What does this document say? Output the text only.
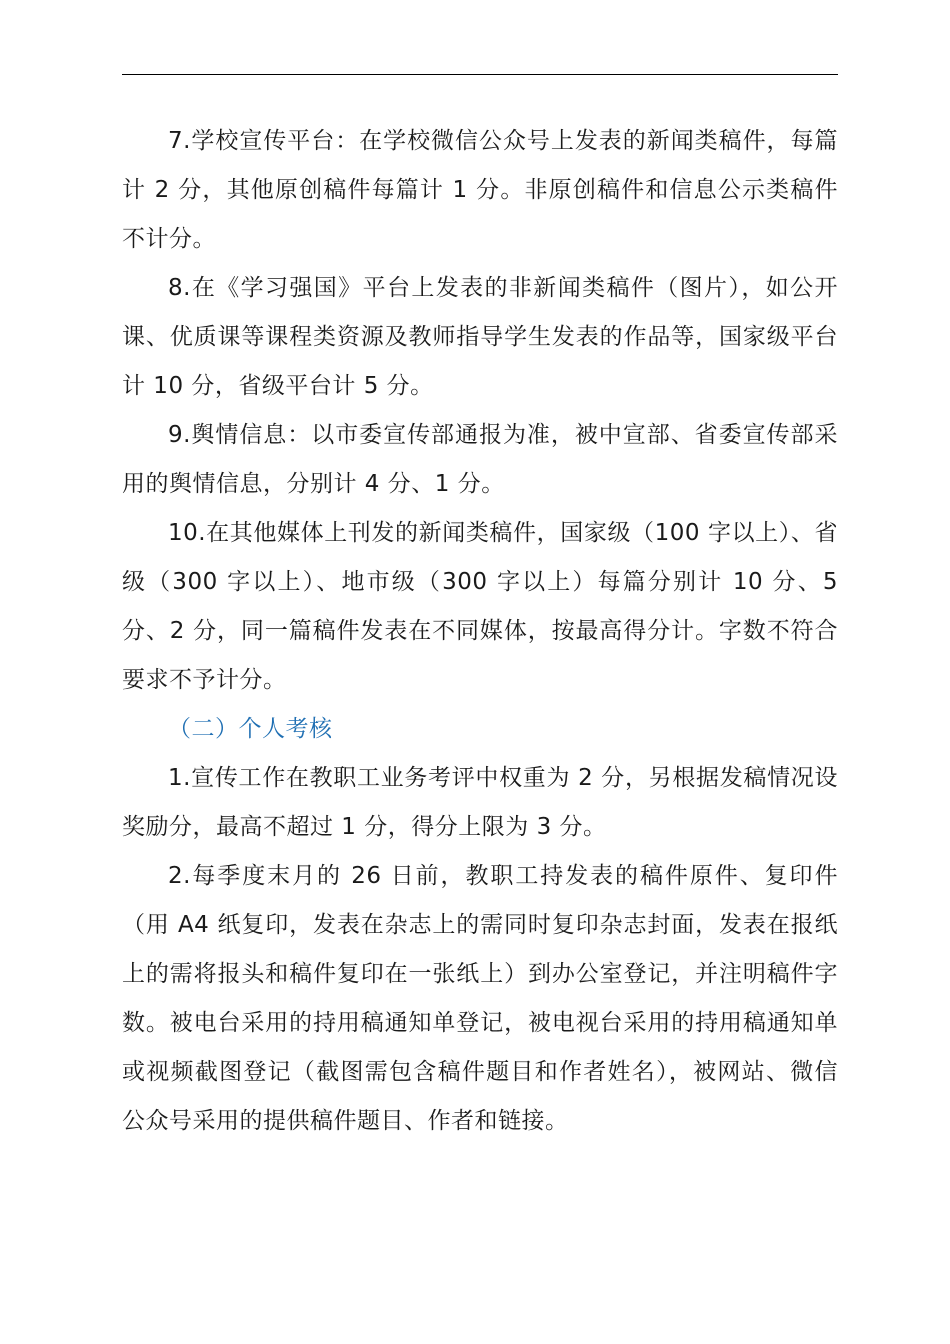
7.学校宣传平台：在学校微信公众号上发表的新闻类稿件，每篇计 2 分，其他原创稿件每篇计 1 分。非原创稿件和信息公示类稿件不计分。

8.在《学习强国》平台上发表的非新闻类稿件（图片），如公开课、优质课等课程类资源及教师指导学生发表的作品等，国家级平台计 10 分，省级平台计 5 分。

9.舆情信息：以市委宣传部通报为准，被中宣部、省委宣传部采用的舆情信息，分别计 4 分、1 分。

10.在其他媒体上刊发的新闻类稿件，国家级（100 字以上）、省级（300 字以上）、地市级（300 字以上）每篇分别计 10 分、5 分、2 分，同一篇稿件发表在不同媒体，按最高得分计。字数不符合要求不予计分。

（二）个人考核

1.宣传工作在教职工业务考评中权重为 2 分，另根据发稿情况设奖励分，最高不超过 1 分，得分上限为 3 分。

2.每季度末月的 26 日前，教职工持发表的稿件原件、复印件（用 A4 纸复印，发表在杂志上的需同时复印杂志封面，发表在报纸上的需将报头和稿件复印在一张纸上）到办公室登记，并注明稿件字数。被电台采用的持用稿通知单登记，被电视台采用的持用稿通知单或视频截图登记（截图需包含稿件题目和作者姓名），被网站、微信公众号采用的提供稿件题目、作者和链接。
